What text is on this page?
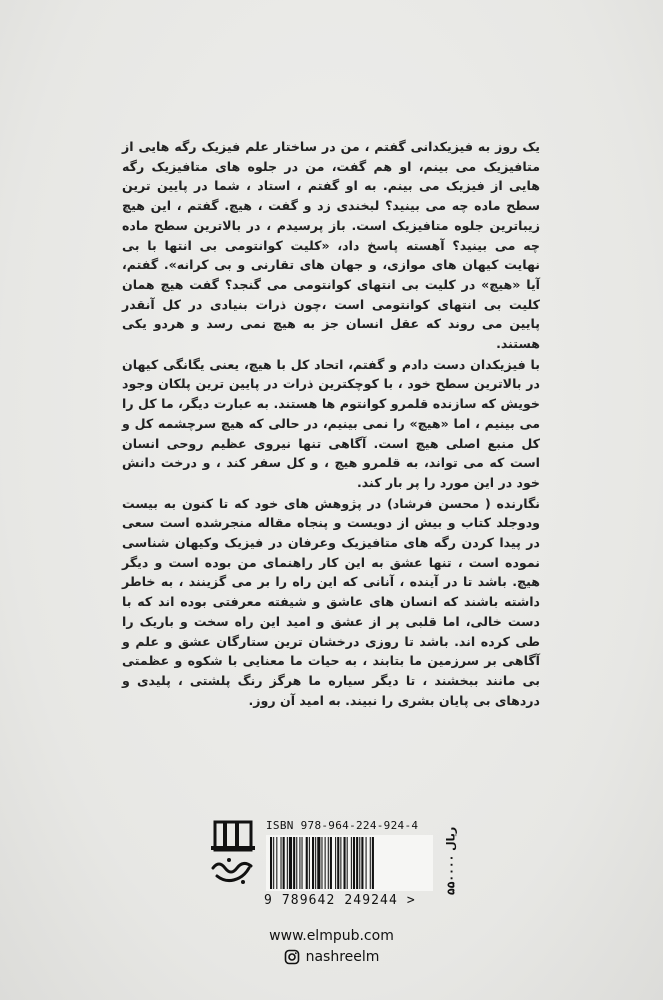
یک روز به فیزیکدانی گفتم ، من در ساختار علم فیزیک رگه هایی از متافیزیک می بینم، او هم گفت، من در جلوه های متافیزیک رگه هایی از فیزیک می بینم. به او گفتم ، استاد ، شما در پایین ترین سطح ماده چه می بینید؟ لبخندی زد و گفت ، هیچ. گفتم ، این هیچ زیباترین جلوه متافیزیک است. باز پرسیدم ، در بالاترین سطح ماده چه می بینید؟ آهسته پاسخ داد، «کلیت کوانتومی بی انتها با بی نهایت کیهان های موازی، و جهان های تقارنی و بی کرانه». گفتم، آیا «هیچ» در کلیت بی انتهای کوانتومی می گنجد؟ گفت هیچ همان کلیت بی انتهای کوانتومی است ،چون ذرات بنیادی در کل آنقدر پایین می روند که عقل انسان جز به هیچ نمی رسد و هردو یکی هستند.

با فیزیکدان دست دادم و گفتم، اتحاد کل با هیچ، یعنی یگانگی کیهان در بالاترین سطح خود ، با کوچکترین ذرات در پایین ترین پلکان وجود خویش که سازنده قلمرو کوانتوم ها هستند. به عبارت دیگر، ما کل را می بینیم ، اما «هیچ» را نمی بینیم، در حالی که هیچ سرچشمه کل و کل منبع اصلی هیچ است. آگاهی تنها نیروی عظیم روحی انسان است که می تواند، به قلمرو هیچ ، و کل سفر کند ، و درخت دانش خود در این مورد را پر بار کند.

نگارنده ( محسن فرشاد) در پژوهش های خود که تا کنون به بیست ودوجلد کتاب و بیش از دویست و پنجاه مقاله منجرشده است سعی در پیدا کردن رگه های متافیزیک وعرفان در فیزیک وکیهان شناسی نموده است ، تنها عشق به این کار راهنمای من بوده است و دیگر هیچ. باشد تا در آینده ، آنانی که این راه را بر می گزینند ، به خاطر داشته باشند که انسان های عاشق و شیفته معرفتی بوده اند که با دست خالی، اما قلبی پر از عشق و امید این راه سخت و باریک را طی کرده اند. باشد تا روزی درخشان ترین ستارگان عشق و علم و آگاهی بر سرزمین ما بتابند ، به حیات ما معنایی با شکوه و عظمتی بی مانند ببخشند ، تا دیگر سیاره ما هرگز رنگ پلشتی ، پلیدی و دردهای بی پایان بشری را نبیند. به امید آن روز.

ISBN 978-964-224-924-4
9 789642 249244 >
۵۵۰۰۰۰ ریال
www.elmpub.com
nashreelm
